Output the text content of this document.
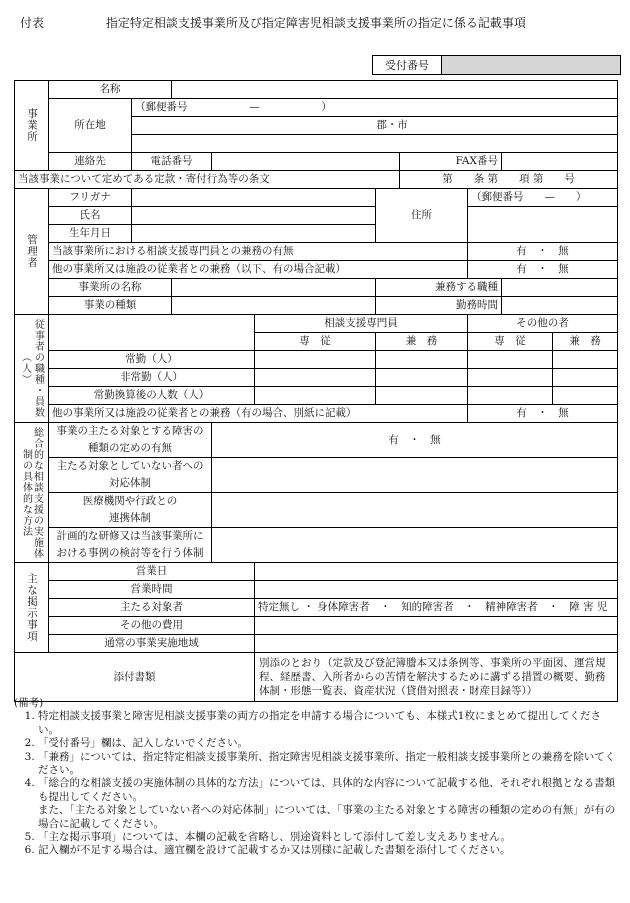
付表	指定特定相談支援事業所及び指定障害児相談支援事業所の指定に係る記載事項
受付番号	
事業所	名称									
	所在地	（郵便番号 — ）								
		郡・市								

	連絡先	電話番号					FAX番号			
当該事業について定めてある定款・寄付行為等の条文							第　　条 第　　項 第　　号			
管理者	フリガナ					住所		（郵便番号　　—　　）		
	氏名									
	生年月日									
	当該事業所における相談支援専門員との兼務の有無							有　・　無		
	他の事業所又は施設の従業者との兼務（以下、有の場合記載）							有　・　無		
	事業所の名称					兼務する職種				
	事業の種類					勤務時間				
従事者の職種・員数（人）					相談支援専門員			その他の者		
					専　従	兼　務		専　従		兼　務
	常勤（人）									
	非常勤（人）									
	常勤換算後の人数（人）									
	他の事業所又は施設の従業者との兼務（有の場合、別紙に記載）							有　・　無		
総合的な相談支援の実施体制の具体的な方法	事業の主たる対象とする障害の			有　・　無						
	種類の定めの有無									
	主たる対象としていない者への									
	対応体制									
	医療機関や行政との									
	連携体制									
	計画的な研修又は当該事業所に									
	おける事例の検討等を行う体制									
主な掲示事項	営業日									
	営業時間									
	主たる対象者				特定無し ・ 身体障害者　・　知的障害者　・　精神障害者　・　障 害 児					
	その他の費用									
	通常の事業実施地域									
添付書類					別添のとおり（定款及び登記簿謄本又は条例等、事業所の平面図、運営規程、経歴書、入所者からの苦情を解決するために講ずる措置の概要、勤務体制・形態一覧表、資産状況（貸借対照表・財産目録等））					

(備考)

1. 特定相談支援事業と障害児相談支援事業の両方の指定を申請する場合についても、本様式1枚にまとめて提出してください。
2. 「受付番号」欄は、記入しないでください。
3. 「兼務」については、指定特定相談支援事業所、指定障害児相談支援事業所、指定一般相談支援事業所との兼務を除いてください。
4. 「総合的な相談支援の実施体制の具体的な方法」については、具体的な内容について記載する他、それぞれ根拠となる書類も提出してください。
また、「主たる対象としていない者への対応体制」については、「事業の主たる対象とする障害の種類の定めの有無」が有の場合に記載してください。
5. 「主な掲示事項」については、本欄の記載を省略し、別途資料として添付して差し支えありません。
6. 記入欄が不足する場合は、適宜欄を設けて記載するか又は別様に記載した書類を添付してください。
